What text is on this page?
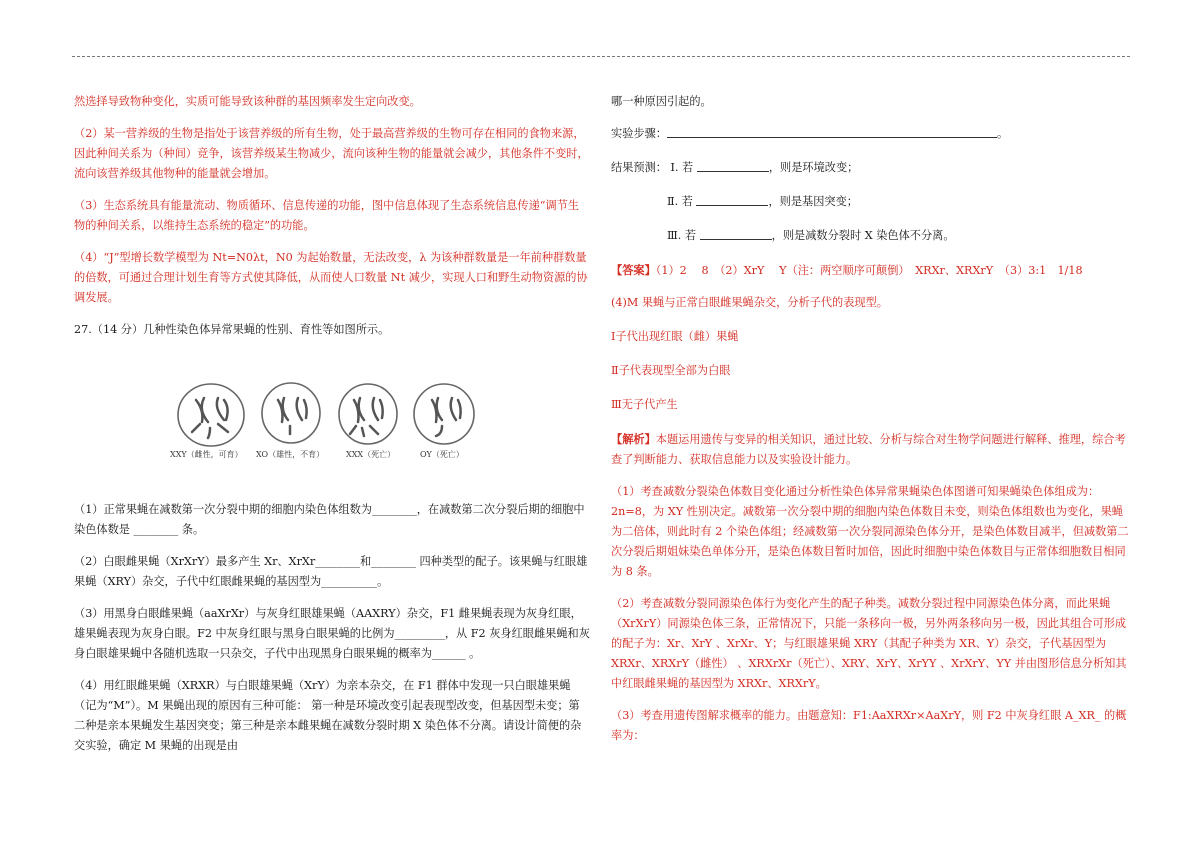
然选择导致物种变化，实质可能导致该种群的基因频率发生定向改变。

（2）某一营养级的生物是指处于该营养级的所有生物，处于最高营养级的生物可存在相同的食物来源，因此种间关系为（种间）竞争，该营养级某生物减少，流向该种生物的能量就会减少，其他条件不变时，流向该营养级其他物种的能量就会增加。

（3）生态系统具有能量流动、物质循环、信息传递的功能，图中信息体现了生态系统信息传递“调节生物的种间关系，以维持生态系统的稳定”的功能。

（4）“J”型增长数学模型为 Nt=N0λt，N0 为起始数量，无法改变，λ 为该种群数量是一年前种群数量的倍数，可通过合理计划生育等方式使其降低，从而使人口数量 Nt 减少，实现人口和野生动物资源的协调发展。

27.（14 分）几种性染色体异常果蝇的性别、育性等如图所示。

XXY（雌性，可育） XO（雄性，不育）	XXX（死亡）	OY（死亡）

（1）正常果蝇在减数第一次分裂中期的细胞内染色体组数为________，在减数第二次分裂后期的细胞中染色体数是 ________ 条。

（2）白眼雌果蝇（XrXrY）最多产生 Xr、XrXr________和________ 四种类型的配子。该果蝇与红眼雄果蝇（XRY）杂交，子代中红眼雌果蝇的基因型为__________。

（3）用黑身白眼雌果蝇（aaXrXr）与灰身红眼雄果蝇（AAXRY）杂交，F1 雌果蝇表现为灰身红眼，雄果蝇表现为灰身白眼。F2 中灰身红眼与黑身白眼果蝇的比例为_________，从 F2 灰身红眼雌果蝇和灰身白眼雄果蝇中各随机选取一只杂交，子代中出现黑身白眼果蝇的概率为______ 。

（4）用红眼雌果蝇（XRXR）与白眼雄果蝇（XrY）为亲本杂交，在 F1 群体中发现一只白眼雄果蝇（记为“M”）。M 果蝇出现的原因有三种可能： 第一种是环境改变引起表现型改变，但基因型未变；第二种是亲本果蝇发生基因突变；第三种是亲本雌果蝇在减数分裂时期 X 染色体不分离。请设计简便的杂交实验，确定 M 果蝇的出现是由

哪一种原因引起的。

实验步骤：	。

结果预测： Ⅰ. 若	，则是环境改变；

Ⅱ. 若	，则是基因突变；

Ⅲ. 若	，则是减数分裂时 X 染色体不分离。

【答案】（1）2　 8　（2）XrY　 Y（注：两空顺序可颠倒）　XRXr、XRXrY　（3）3:1　1/18

(4)M 果蝇与正常白眼雌果蝇杂交，分析子代的表现型。

Ⅰ子代出现红眼（雌）果蝇

Ⅱ子代表现型全部为白眼

Ⅲ无子代产生

【解析】本题运用遗传与变异的相关知识，通过比较、分析与综合对生物学问题进行解释、推理，综合考查了判断能力、获取信息能力以及实验设计能力。

（1）考查减数分裂染色体数目变化通过分析性染色体异常果蝇染色体图谱可知果蝇染色体组成为：2n=8，为 XY 性别决定。减数第一次分裂中期的细胞内染色体数目未变，则染色体组数也为变化，果蝇为二倍体，则此时有 2 个染色体组；经减数第一次分裂同源染色体分开，是染色体数目减半，但减数第二次分裂后期姐妹染色单体分开，是染色体数目暂时加倍，因此时细胞中染色体数目与正常体细胞数目相同为 8 条。

（2）考查减数分裂同源染色体行为变化产生的配子种类。减数分裂过程中同源染色体分离，而此果蝇（XrXrY）同源染色体三条，正常情况下，只能一条移向一极，另外两条移向另一极，因此其组合可形成的配子为：Xr、XrY 、XrXr、Y；与红眼雄果蝇 XRY（其配子种类为 XR、Y）杂交，子代基因型为 XRXr、XRXrY（雌性） 、XRXrXr（死亡）、XRY、XrY、XrYY 、XrXrY、YY 并由图形信息分析知其中红眼雌果蝇的基因型为 XRXr、XRXrY。

（3）考查用遗传图解求概率的能力。由题意知：F1:AaXRXr×AaXrY，则 F2 中灰身红眼 A_XR_ 的概率为：
